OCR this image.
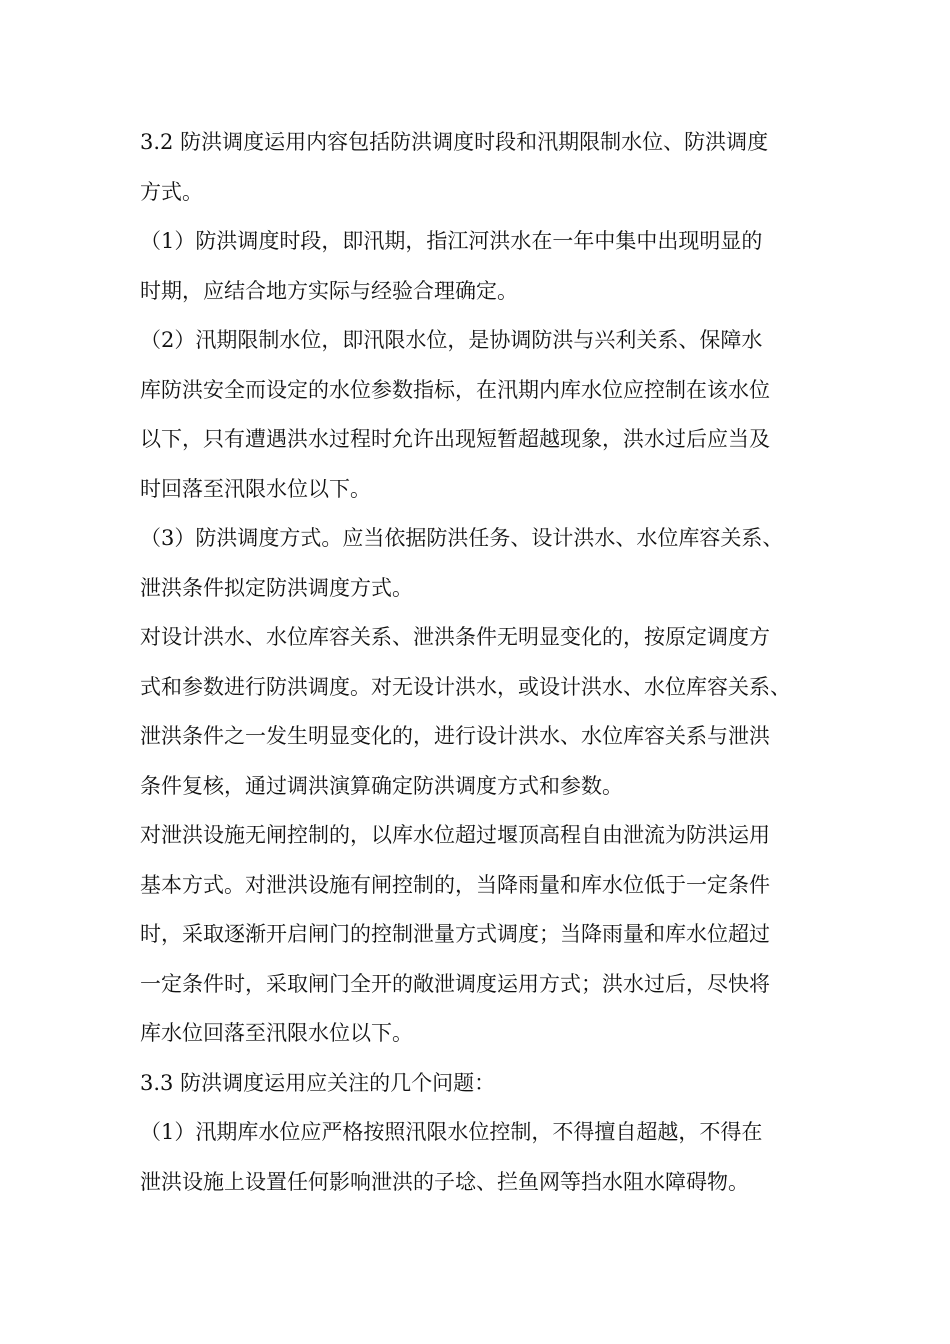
3.2 防洪调度运用内容包括防洪调度时段和汛期限制水位、防洪调度
方式。
（1）防洪调度时段，即汛期，指江河洪水在一年中集中出现明显的
时期，应结合地方实际与经验合理确定。
（2）汛期限制水位，即汛限水位，是协调防洪与兴利关系、保障水
库防洪安全而设定的水位参数指标，在汛期内库水位应控制在该水位
以下，只有遭遇洪水过程时允许出现短暂超越现象，洪水过后应当及
时回落至汛限水位以下。
（3）防洪调度方式。应当依据防洪任务、设计洪水、水位库容关系、
泄洪条件拟定防洪调度方式。
对设计洪水、水位库容关系、泄洪条件无明显变化的，按原定调度方
式和参数进行防洪调度。对无设计洪水，或设计洪水、水位库容关系、
泄洪条件之一发生明显变化的，进行设计洪水、水位库容关系与泄洪
条件复核，通过调洪演算确定防洪调度方式和参数。
对泄洪设施无闸控制的，以库水位超过堰顶高程自由泄流为防洪运用
基本方式。对泄洪设施有闸控制的，当降雨量和库水位低于一定条件
时，采取逐渐开启闸门的控制泄量方式调度；当降雨量和库水位超过
一定条件时，采取闸门全开的敞泄调度运用方式；洪水过后，尽快将
库水位回落至汛限水位以下。
3.3 防洪调度运用应关注的几个问题：
（1）汛期库水位应严格按照汛限水位控制，不得擅自超越，不得在
泄洪设施上设置任何影响泄洪的子埝、拦鱼网等挡水阻水障碍物。
